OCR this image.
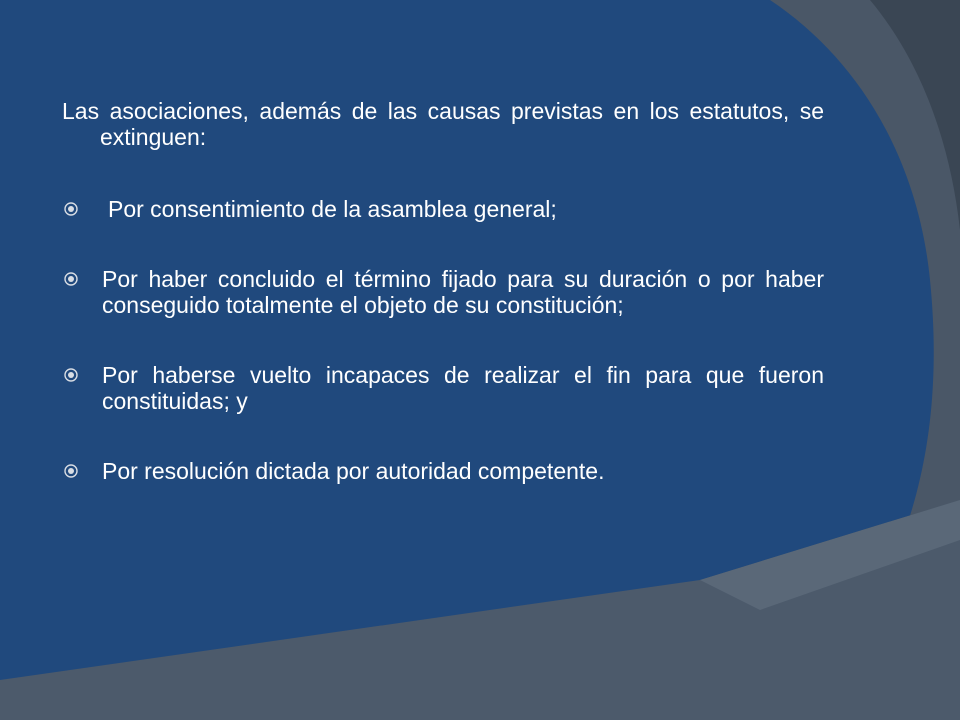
Las asociaciones, además de las causas previstas en los estatutos, se extinguen:

Por consentimiento de la asamblea general;
Por haber concluido el término fijado para su duración o por haber conseguido totalmente el objeto de su constitución;
Por haberse vuelto incapaces de realizar el fin para que fueron constituidas; y
Por resolución dictada por autoridad competente.
